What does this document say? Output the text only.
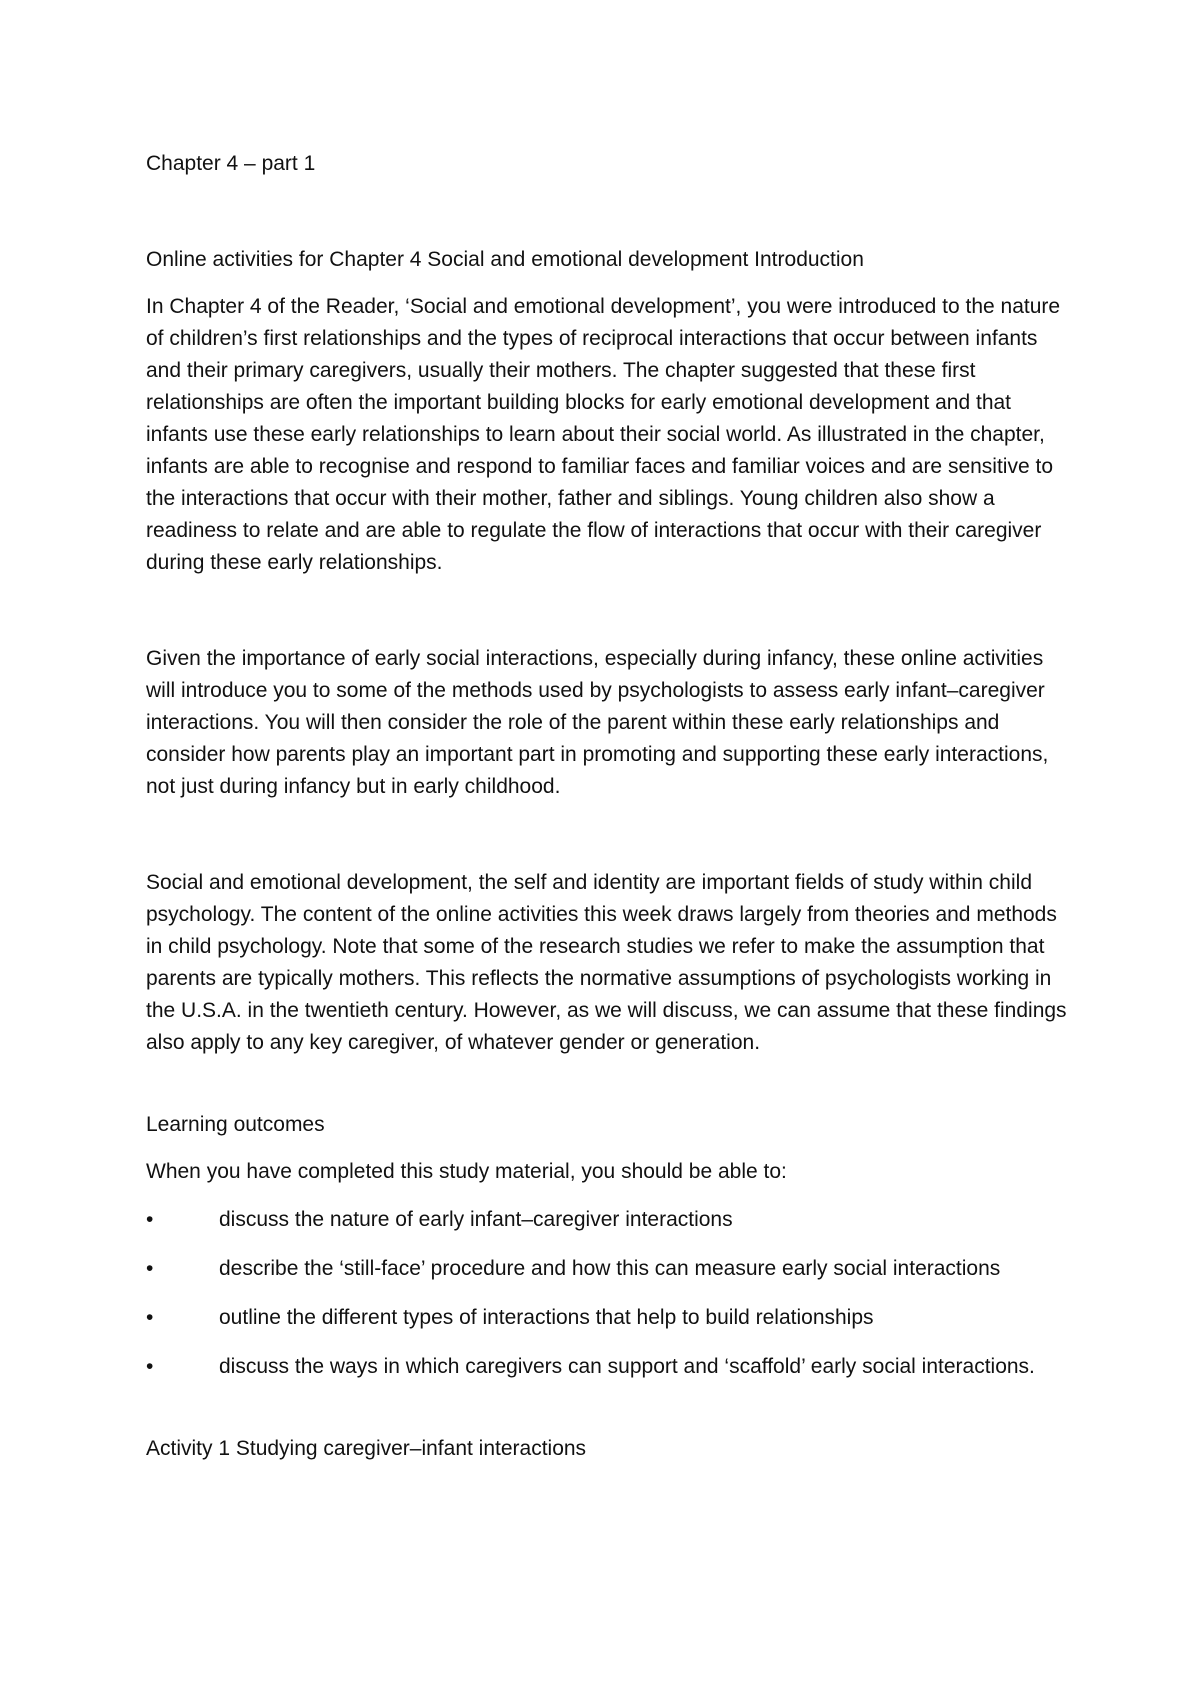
Chapter 4 – part 1

Online activities for Chapter 4 Social and emotional development Introduction

In Chapter 4 of the Reader, ‘Social and emotional development’, you were introduced to the nature of children’s first relationships and the types of reciprocal interactions that occur between infants and their primary caregivers, usually their mothers. The chapter suggested that these first relationships are often the important building blocks for early emotional development and that infants use these early relationships to learn about their social world. As illustrated in the chapter, infants are able to recognise and respond to familiar faces and familiar voices and are sensitive to the interactions that occur with their mother, father and siblings. Young children also show a readiness to relate and are able to regulate the flow of interactions that occur with their caregiver during these early relationships.

Given the importance of early social interactions, especially during infancy, these online activities will introduce you to some of the methods used by psychologists to assess early infant–caregiver interactions. You will then consider the role of the parent within these early relationships and consider how parents play an important part in promoting and supporting these early interactions, not just during infancy but in early childhood.

Social and emotional development, the self and identity are important fields of study within child psychology. The content of the online activities this week draws largely from theories and methods in child psychology. Note that some of the research studies we refer to make the assumption that parents are typically mothers. This reflects the normative assumptions of psychologists working in the U.S.A. in the twentieth century. However, as we will discuss, we can assume that these findings also apply to any key caregiver, of whatever gender or generation.

Learning outcomes

When you have completed this study material, you should be able to:

•	discuss the nature of early infant–caregiver interactions

•	describe the ‘still-face’ procedure and how this can measure early social interactions

•	outline the different types of interactions that help to build relationships

•	discuss the ways in which caregivers can support and ‘scaffold’ early social interactions.

Activity 1 Studying caregiver–infant interactions
